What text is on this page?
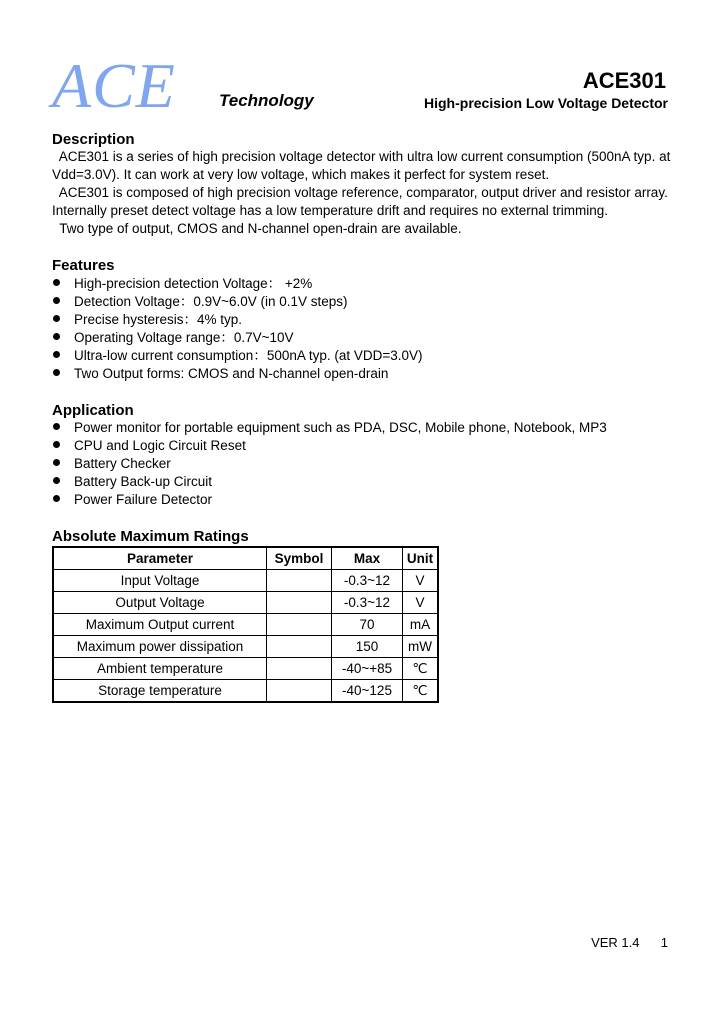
ACE	Technology
ACE301
High-precision Low Voltage Detector
Description
ACE301 is a series of high precision voltage detector with ultra low current consumption (500nA typ. at
Vdd=3.0V). It can work at very low voltage, which makes it perfect for system reset.
ACE301 is composed of high precision voltage reference, comparator, output driver and resistor array.
Internally preset detect voltage has a low temperature drift and requires no external trimming.
Two type of output, CMOS and N-channel open-drain are available.
Features
High-precision detection Voltage： +2%
Detection Voltage：0.9V~6.0V (in 0.1V steps)
Precise hysteresis：4% typ.
Operating Voltage range：0.7V~10V
Ultra-low current consumption：500nA typ. (at VDD=3.0V)
Two Output forms: CMOS and N-channel open-drain
Application
Power monitor for portable equipment such as PDA, DSC, Mobile phone, Notebook, MP3
CPU and Logic Circuit Reset
Battery Checker
Battery Back-up Circuit
Power Failure Detector
Absolute Maximum Ratings
Parameter	Symbol	Max	Unit
Input Voltage		-0.3~12	V
Output Voltage		-0.3~12	V
Maximum Output current		70	mA
Maximum power dissipation		150	mW
Ambient temperature		-40~+85	℃
Storage temperature		-40~125	℃
VER 1.4 1
